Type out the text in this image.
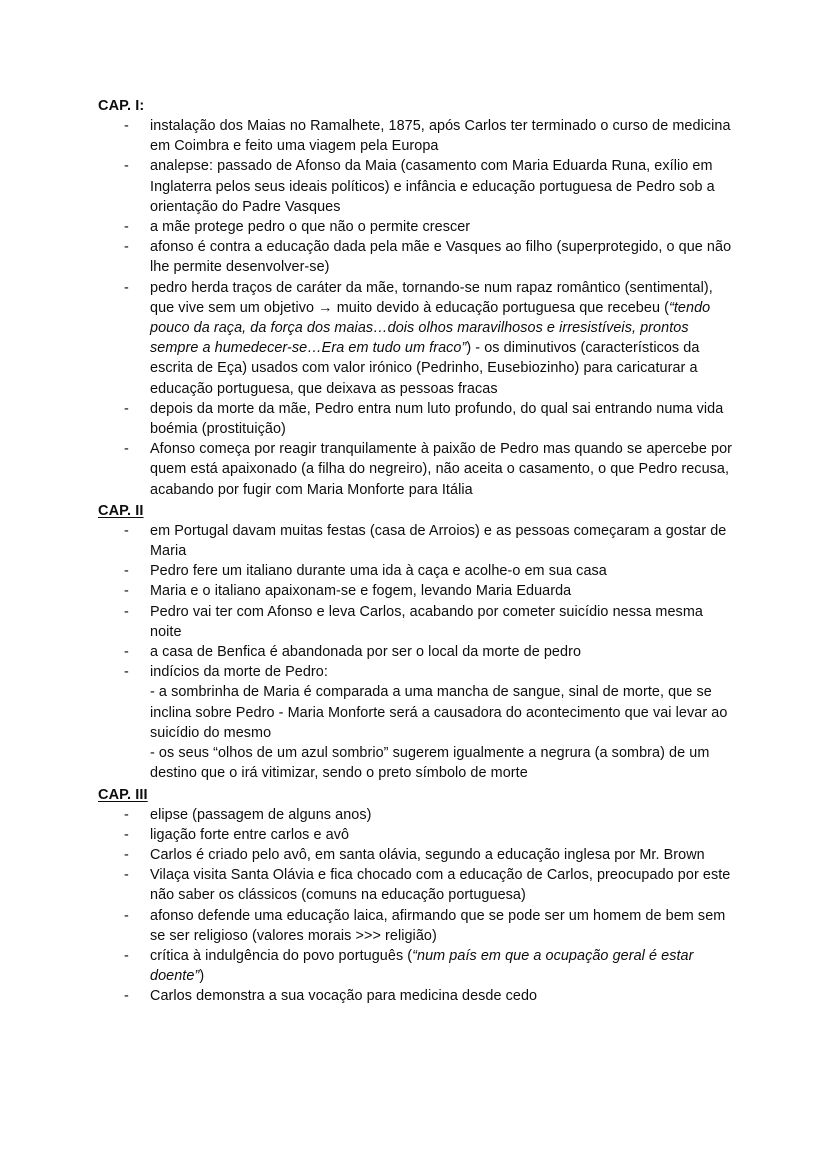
CAP. I:
- instalação dos Maias no Ramalhete, 1875, após Carlos ter terminado o curso de medicina em Coimbra e feito uma viagem pela Europa
- analepse: passado de Afonso da Maia (casamento com Maria Eduarda Runa, exílio em Inglaterra pelos seus ideais políticos) e infância e educação portuguesa de Pedro sob a orientação do Padre Vasques
- a mãe protege pedro o que não o permite crescer
- afonso é contra a educação dada pela mãe e Vasques ao filho (superprotegido, o que não lhe permite desenvolver-se)
- pedro herda traços de caráter da mãe, tornando-se num rapaz romântico (sentimental), que vive sem um objetivo → muito devido à educação portuguesa que recebeu (“tendo pouco da raça, da força dos maias…dois olhos maravilhosos e irresistíveis, prontos sempre a humedecer-se…Era em tudo um fraco”) - os diminutivos (característicos da escrita de Eça) usados com valor irónico (Pedrinho, Eusebiozinho) para caricaturar a educação portuguesa, que deixava as pessoas fracas
- depois da morte da mãe, Pedro entra num luto profundo, do qual sai entrando numa vida boémia (prostituição)
- Afonso começa por reagir tranquilamente à paixão de Pedro mas quando se apercebe por quem está apaixonado (a filha do negreiro), não aceita o casamento, o que Pedro recusa, acabando por fugir com Maria Monforte para Itália
CAP. II
- em Portugal davam muitas festas (casa de Arroios) e as pessoas começaram a gostar de Maria
- Pedro fere um italiano durante uma ida à caça e acolhe-o em sua casa
- Maria e o italiano apaixonam-se e fogem, levando Maria Eduarda
- Pedro vai ter com Afonso e leva Carlos, acabando por cometer suicídio nessa mesma noite
- a casa de Benfica é abandonada por ser o local da morte de pedro
- indícios da morte de Pedro:
- a sombrinha de Maria é comparada a uma mancha de sangue, sinal de morte, que se inclina sobre Pedro - Maria Monforte será a causadora do acontecimento que vai levar ao suicídio do mesmo
- os seus “olhos de um azul sombrio” sugerem igualmente a negrura (a sombra) de um destino que o irá vitimizar, sendo o preto símbolo de morte
CAP. III
- elipse (passagem de alguns anos)
- ligação forte entre carlos e avô
- Carlos é criado pelo avô, em santa olávia, segundo a educação inglesa por Mr. Brown
- Vilaça visita Santa Olávia e fica chocado com a educação de Carlos, preocupado por este não saber os clássicos (comuns na educação portuguesa)
- afonso defende uma educação laica, afirmando que se pode ser um homem de bem sem se ser religioso (valores morais >>> religião)
- crítica à indulgência do povo português (“num país em que a ocupação geral é estar doente”)
- Carlos demonstra a sua vocação para medicina desde cedo
